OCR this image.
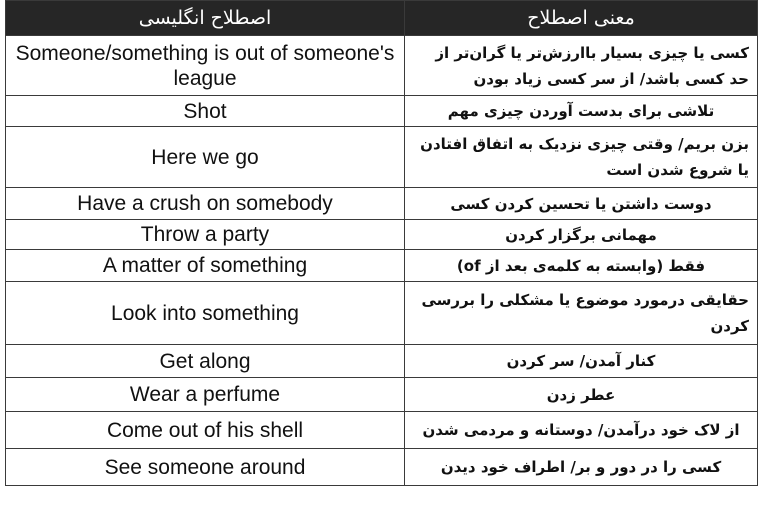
معنی اصطلاح	اصطلاح انگلیسی
کسی یا چیزی بسیار باارزش‌تر یا گران‌تر از حد کسی باشد/ از سر کسی زیاد بودن	Someone/something is out of someone's league
تلاشی برای بدست آوردن چیزی مهم	Shot
بزن بریم/ وقتی چیزی نزدیک به اتفاق افتادن یا شروع شدن است	Here we go
دوست داشتن یا تحسین کردن کسی	Have a crush on somebody
مهمانی برگزار کردن	Throw a party
فقط (وابسته به کلمه‌ی بعد از of)	A matter of something
حقایقی درمورد موضوع یا مشکلی را بررسی کردن	Look into something
کنار آمدن/ سر کردن	Get along
عطر زدن	Wear a perfume
از لاک خود درآمدن/ دوستانه و مردمی شدن	Come out of his shell
کسی را در دور و بر/ اطراف خود دیدن	See someone around
